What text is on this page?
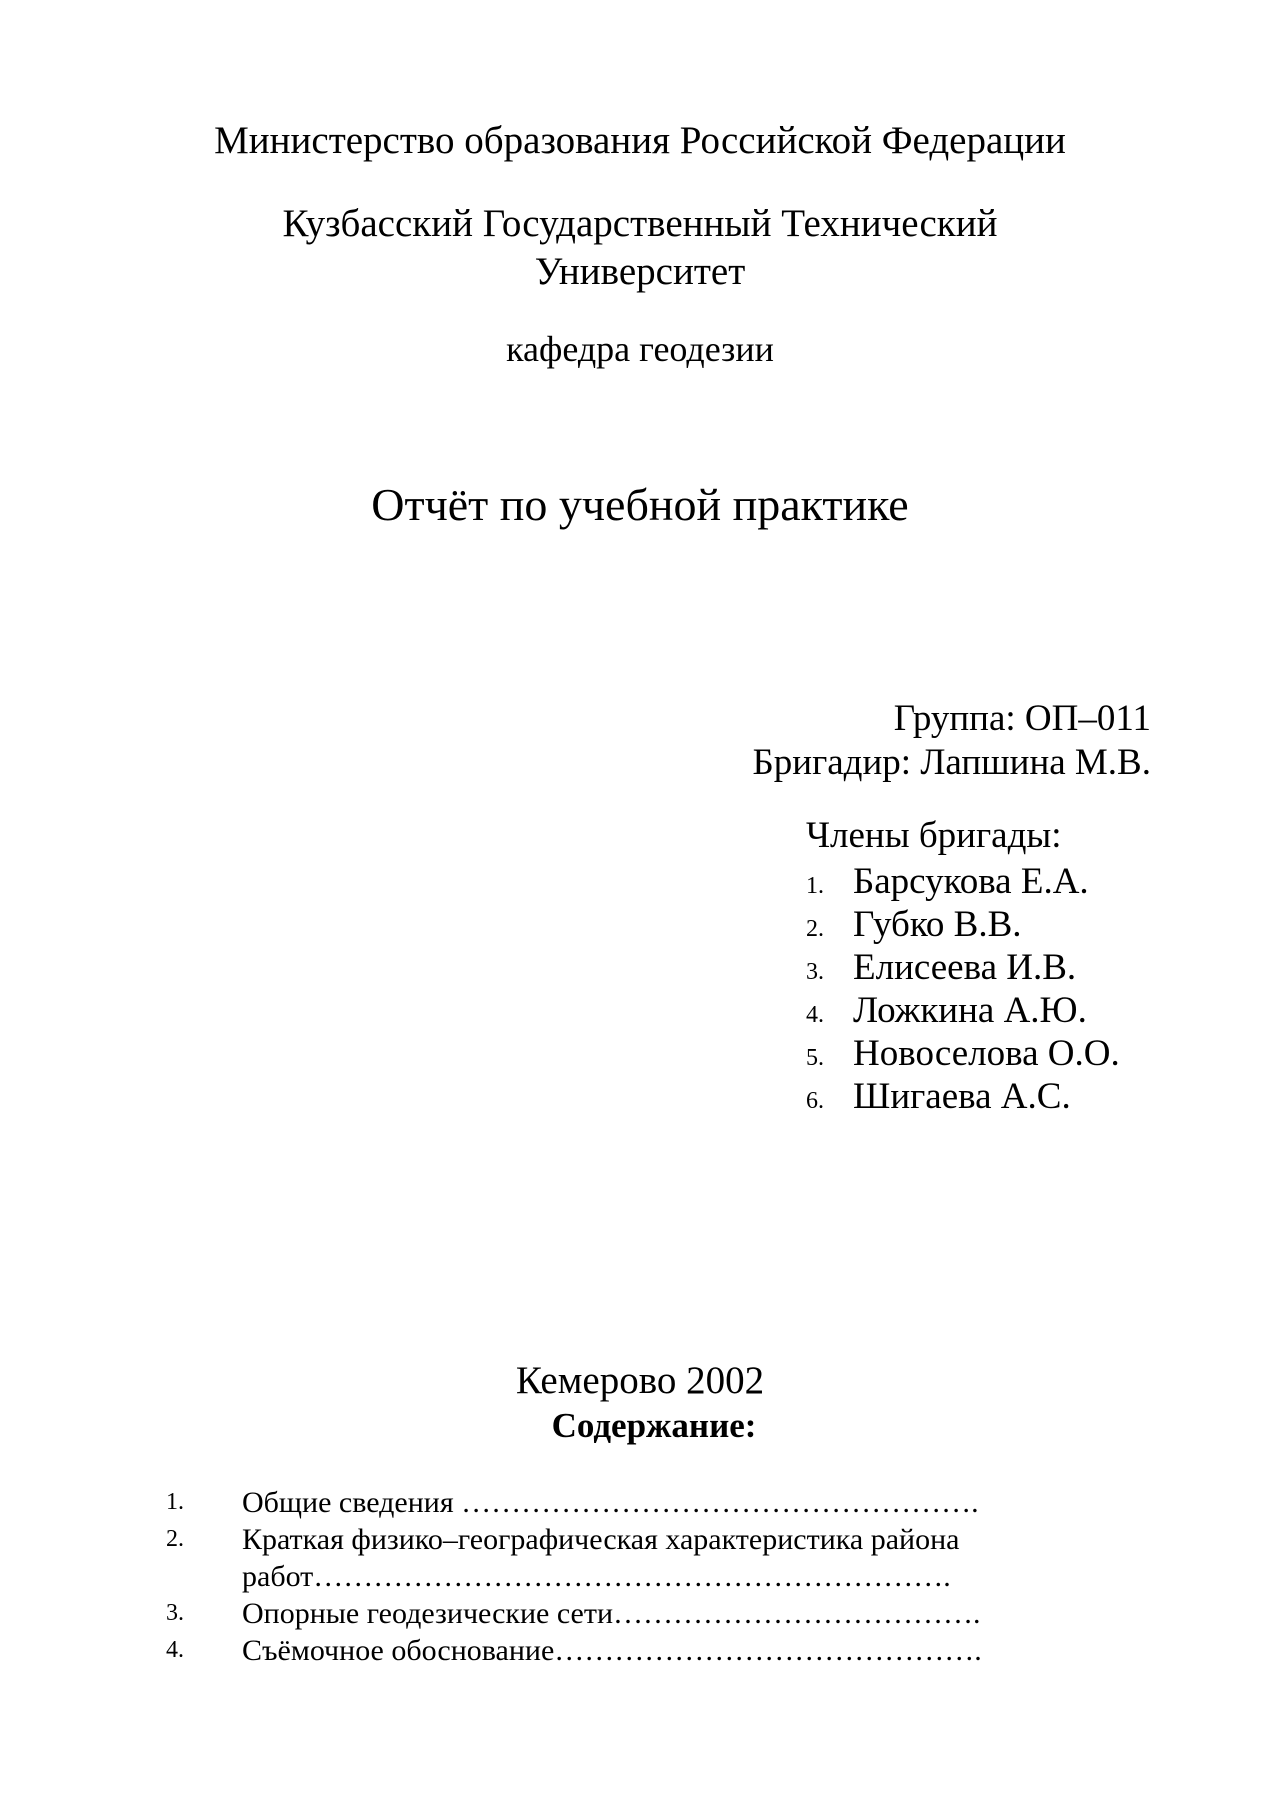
Министерство образования Российской Федерации
Кузбасский Государственный Технический Университет
кафедра геодезии
Отчёт по учебной практике
Группа: ОП–011
Бригадир: Лапшина М.В.
Члены бригады:
1. Барсукова Е.А.
2. Губко В.В.
3. Елисеева И.В.
4. Ложкина А.Ю.
5. Новоселова О.О.
6. Шигаева А.С.
Кемерово 2002
Содержание:
1. Общие сведения …………………………………………….
2. Краткая физико–географическая характеристика района работ……………………………………………………….
3. Опорные геодезические сети……………………………….
4. Съёмочное обоснование…………………………………….
